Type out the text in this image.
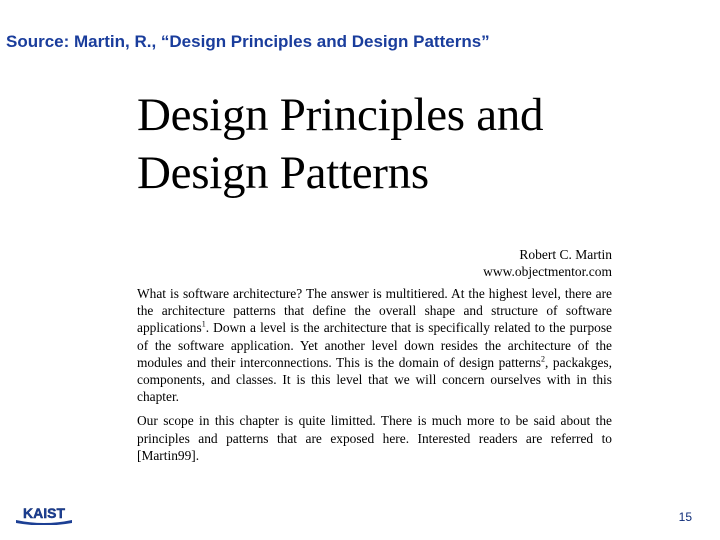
Source: Martin, R., “Design Principles and Design Patterns”
Design Principles and
Design Patterns
Robert C. Martin
www.objectmentor.com

What is software architecture? The answer is multitiered. At the highest level, there are the architecture patterns that define the overall shape and structure of software applications$^1$. Down a level is the architecture that is specifically related to the purpose of the software application. Yet another level down resides the architecture of the modules and their interconnections. This is the domain of design patterns$^2$, packakges, components, and classes. It is this level that we will concern ourselves with in this chapter.

Our scope in this chapter is quite limitted. There is much more to be said about the principles and patterns that are exposed here. Interested readers are referred to [Martin99].

KAIST	15
